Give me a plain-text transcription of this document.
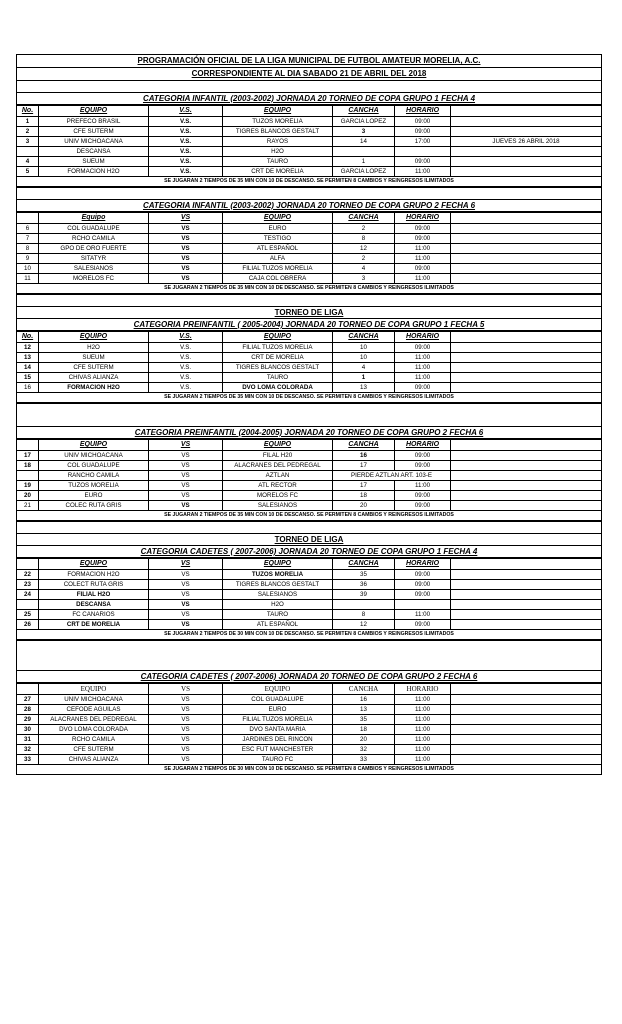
PROGRAMACIÓN OFICIAL DE LA LIGA MUNICIPAL DE FUTBOL AMATEUR MORELIA, A.C.
CORRESPONDIENTE AL DIA SABADO 21 DE ABRIL DEL 2018
CATEGORIA INFANTIL (2003-2002) JORNADA 20 TORNEO DE COPA GRUPO 1 FECHA 4
No.	EQUIPO	V.S.	EQUIPO	CANCHA	HORARIO	
1	PREFECO BRASIL	V.S.	TUZOS MORELIA	GARCIA LOPEZ	09:00	
2	CFE SUTERM	V.S.	TIGRES BLANCOS GESTALT	3	09:00	
3	UNIV MICHOACANA	V.S.	RAYOS	14	17:00	JUEVES 26 ABRIL 2018
	DESCANSA	V.S.	H2O			
4	SUEUM	V.S.	TAURO	1	09:00	
5	FORMACION H2O	V.S.	CRT DE MORELIA	GARCIA LOPEZ	11:00	
SE JUGARAN 2 TIEMPOS DE 35 MIN CON 10 DE DESCANSO. SE PERMITEN 8 CAMBIOS Y REINGRESOS ILIMITADOS
CATEGORIA INFANTIL (2003-2002) JORNADA 20 TORNEO DE COPA GRUPO 2 FECHA 6
	Equipo	VS	EQUIPO	CANCHA	HORARIO	
6	COL GUADALUPE	VS	EURO	2	09:00	
7	RCHO CAMILA	VS	TESTIGO	8	09:00	
8	GPO DE ORO FUERTE	VS	ATL ESPAÑOL	12	11:00	
9	SITATYR	VS	ALFA	2	11:00	
10	SALESIANOS	VS	FILIAL TUZOS MORELIA	4	09:00	
11	MORELOS FC	VS	CAJA COL OBRERA	3	11:00	
SE JUGARAN 2 TIEMPOS DE 35 MIN CON 10 DE DESCANSO. SE PERMITEN 8 CAMBIOS Y REINGRESOS ILIMITADOS
TORNEO DE LIGA
CATEGORIA PREINFANTIL ( 2005-2004) JORNADA 20 TORNEO DE COPA GRUPO 1 FECHA 5
No.	EQUIPO	V.S.	EQUIPO	CANCHA	HORARIO	
12	H2O	V.S.	FILIAL TUZOS MORELIA	10	09:00	
13	SUEUM	V.S.	CRT DE MORELIA	10	11:00	
14	CFE SUTERM	V.S.	TIGRES BLANCOS GESTALT	4	11:00	
15	CHIVAS ALIANZA	V.S.	TAURO	1	11:00	
16	FORMACION H2O	V.S.	DVO LOMA COLORADA	13	09:00	
SE JUGARAN 2 TIEMPOS DE 35 MIN CON 10 DE DESCANSO. SE PERMITEN 8 CAMBIOS Y REINGRESOS ILIMITADOS
CATEGORIA PREINFANTIL (2004-2005) JORNADA 20 TORNEO DE COPA GRUPO 2 FECHA 6
	EQUIPO	VS	EQUIPO	CANCHA	HORARIO	
17	UNIV MICHOACANA	VS	FILAL H20	16	09:00	
18	COL GUADALUPE	VS	ALACRANES DEL PEDREGAL	17	09:00	
	RANCHO CAMILA	VS	AZTLAN	PIERDE AZTLAN ART. 103-E		
19	TUZOS MORELIA	VS	ATL RECTOR	17	11:00	
20	EURO	VS	MORELOS FC	18	09:00	
21	COLEC RUTA GRIS	VS	SALESIANOS	20	09:00	
SE JUGARAN 2 TIEMPOS DE 35 MIN CON 10 DE DESCANSO. SE PERMITEN 8 CAMBIOS Y REINGRESOS ILIMITADOS
TORNEO DE LIGA
CATEGORIA CADETES ( 2007-2006) JORNADA 20 TORNEO DE COPA GRUPO 1 FECHA 4
	EQUIPO	VS	EQUIPO	CANCHA	HORARIO	
22	FORMACION H2O	VS	TUZOS MORELIA	35	09:00	
23	COLECT RUTA GRIS	VS	TIGRES BLANCOS GESTALT	36	09:00	
24	FILIAL H2O	VS	SALESIANOS	39	09:00	
	DESCANSA	VS	H2O			
25	FC CANARIOS	VS	TAURO	8	11:00	
26	CRT DE MORELIA	VS	ATL ESPAÑOL	12	09:00	
SE JUGARAN 2 TIEMPOS DE 30 MIN CON 10 DE DESCANSO. SE PERMITEN 8 CAMBIOS Y REINGRESOS ILIMITADOS
CATEGORIA CADETES ( 2007-2006) JORNADA 20 TORNEO DE COPA GRUPO 2 FECHA 6
	EQUIPO	VS	EQUIPO	CANCHA	HORARIO	
27	UNIV MICHOACANA	VS	COL GUADALUPE	16	11:00	
28	CEFODE AGUILAS	VS	EURO	13	11:00	
29	ALACRANES DEL PEDREGAL	VS	FILIAL TUZOS MORELIA	35	11:00	
30	DVO LOMA COLORADA	VS	DVO SANTA MARIA	18	11:00	
31	RCHO CAMILA	VS	JARDINES DEL RINCON	20	11:00	
32	CFE SUTERM	VS	ESC FUT MANCHESTER	32	11:00	
33	CHIVAS ALIANZA	VS	TAURO FC	33	11:00	
SE JUGARAN 2 TIEMPOS DE 30 MIN CON 10 DE DESCANSO. SE PERMITEN 8 CAMBIOS Y REINGRESOS ILIMITADOS
